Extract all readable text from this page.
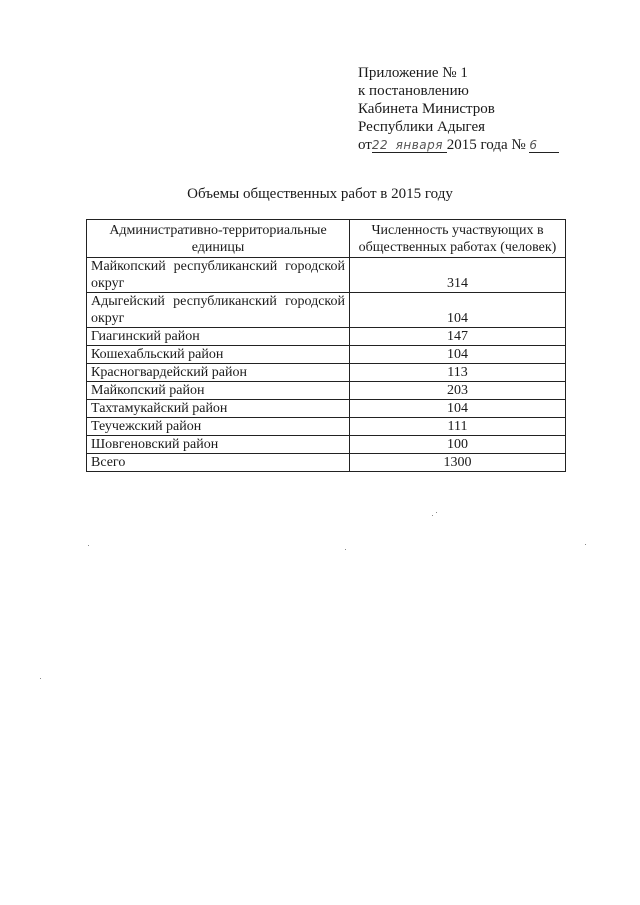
Приложение № 1
к постановлению
Кабинета Министров
Республики Адыгея
от22 января 2015 года № 6
Объемы общественных работ в 2015 году
Административно-территориальные единицы	Численность участвующих в общественных работах (человек)
Майкопский республиканский городской округ	314
Адыгейский республиканский городской округ	104
Гиагинский район	147
Кошехабльский район	104
Красногвардейский район	113
Майкопский район	203
Тахтамукайский район	104
Теучежский район	111
Шовгеновский район	100
Всего	1300
